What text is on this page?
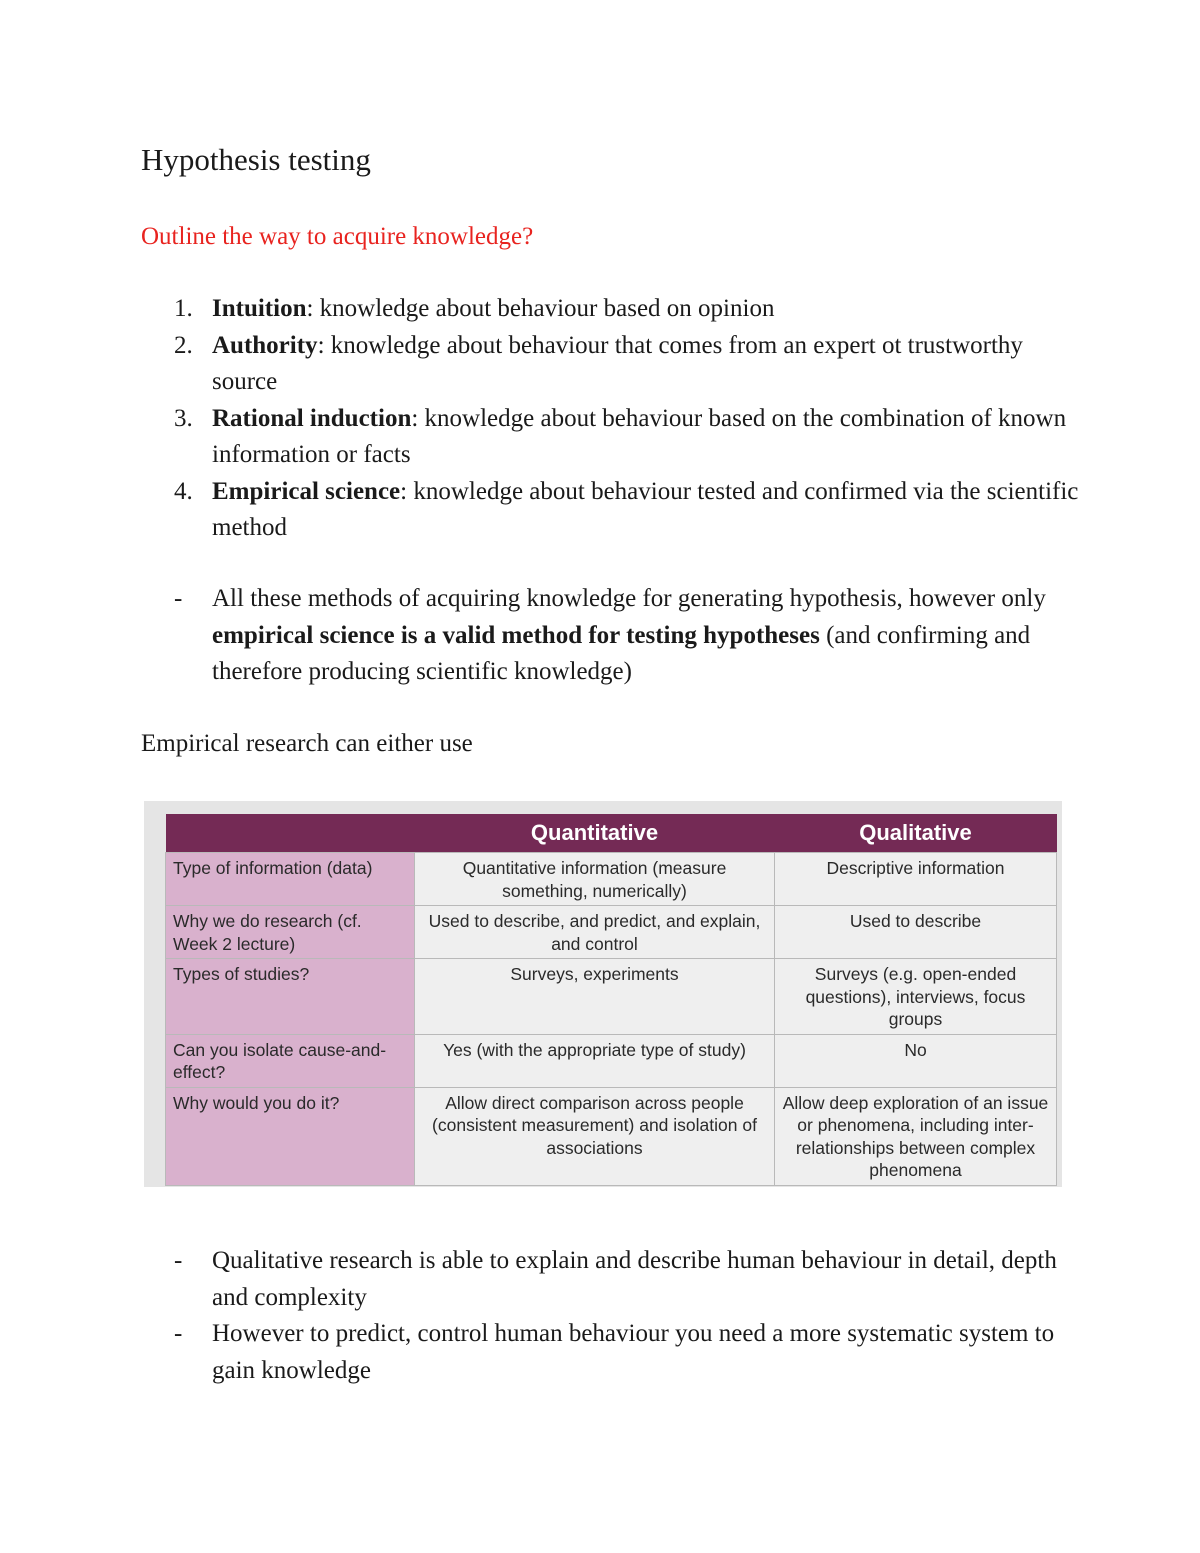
Hypothesis testing

Outline the way to acquire knowledge?

1. Intuition: knowledge about behaviour based on opinion
2. Authority: knowledge about behaviour that comes from an expert ot trustworthy source
3. Rational induction: knowledge about behaviour based on the combination of known information or facts
4. Empirical science: knowledge about behaviour tested and confirmed via the scientific method
- All these methods of acquiring knowledge for generating hypothesis, however only empirical science is a valid method for testing hypotheses (and confirming and therefore producing scientific knowledge)

Empirical research can either use

	Quantitative	Qualitative
Type of information (data)	Quantitative information (measure something, numerically)	Descriptive information
Why we do research (cf. Week 2 lecture)	Used to describe, and predict, and explain, and control	Used to describe
Types of studies?	Surveys, experiments	Surveys (e.g. open-ended questions), interviews, focus groups
Can you isolate cause-and-effect?	Yes (with the appropriate type of study)	No
Why would you do it?	Allow direct comparison across people (consistent measurement) and isolation of associations	Allow deep exploration of an issue or phenomena, including inter-relationships between complex phenomena
- Qualitative research is able to explain and describe human behaviour in detail, depth and complexity
- However to predict, control human behaviour you need a more systematic system to gain knowledge
